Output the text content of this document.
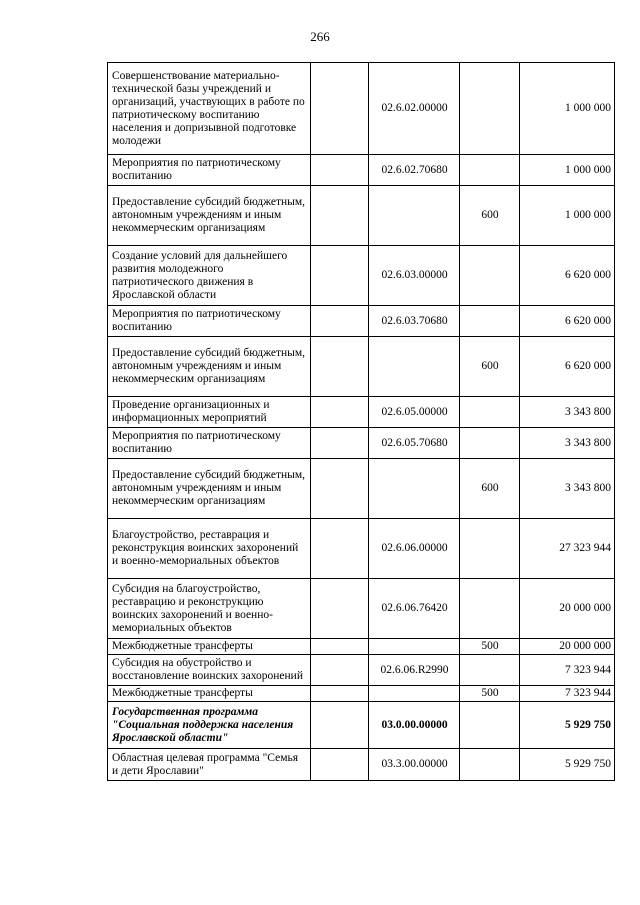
266
Совершенствование материально-технической базы учреждений и организаций, участвующих в работе по патриотическому воспитанию населения и допризывной подготовке молодежи		02.6.02.00000		1 000 000
Мероприятия по патриотическому воспитанию		02.6.02.70680		1 000 000
Предоставление субсидий бюджетным, автономным учреждениям и иным некоммерческим организациям			600	1 000 000
Создание условий для дальнейшего развития молодежного патриотического движения в Ярославской области		02.6.03.00000		6 620 000
Мероприятия по патриотическому воспитанию		02.6.03.70680		6 620 000
Предоставление субсидий бюджетным, автономным учреждениям и иным некоммерческим организациям			600	6 620 000
Проведение организационных и информационных мероприятий		02.6.05.00000		3 343 800
Мероприятия по патриотическому воспитанию		02.6.05.70680		3 343 800
Предоставление субсидий бюджетным, автономным учреждениям и иным некоммерческим организациям			600	3 343 800
Благоустройство, реставрация и реконструкция воинских захоронений и военно-мемориальных объектов		02.6.06.00000		27 323 944
Субсидия на благоустройство, реставрацию и реконструкцию воинских захоронений и военно-мемориальных объектов		02.6.06.76420		20 000 000
Межбюджетные трансферты			500	20 000 000
Субсидия на обустройство и восстановление воинских захоронений		02.6.06.R2990		7 323 944
Межбюджетные трансферты			500	7 323 944
Государственная программа "Социальная поддержка населения Ярославской области"		03.0.00.00000		5 929 750
Областная целевая программа "Семья и дети Ярославии"		03.3.00.00000		5 929 750
